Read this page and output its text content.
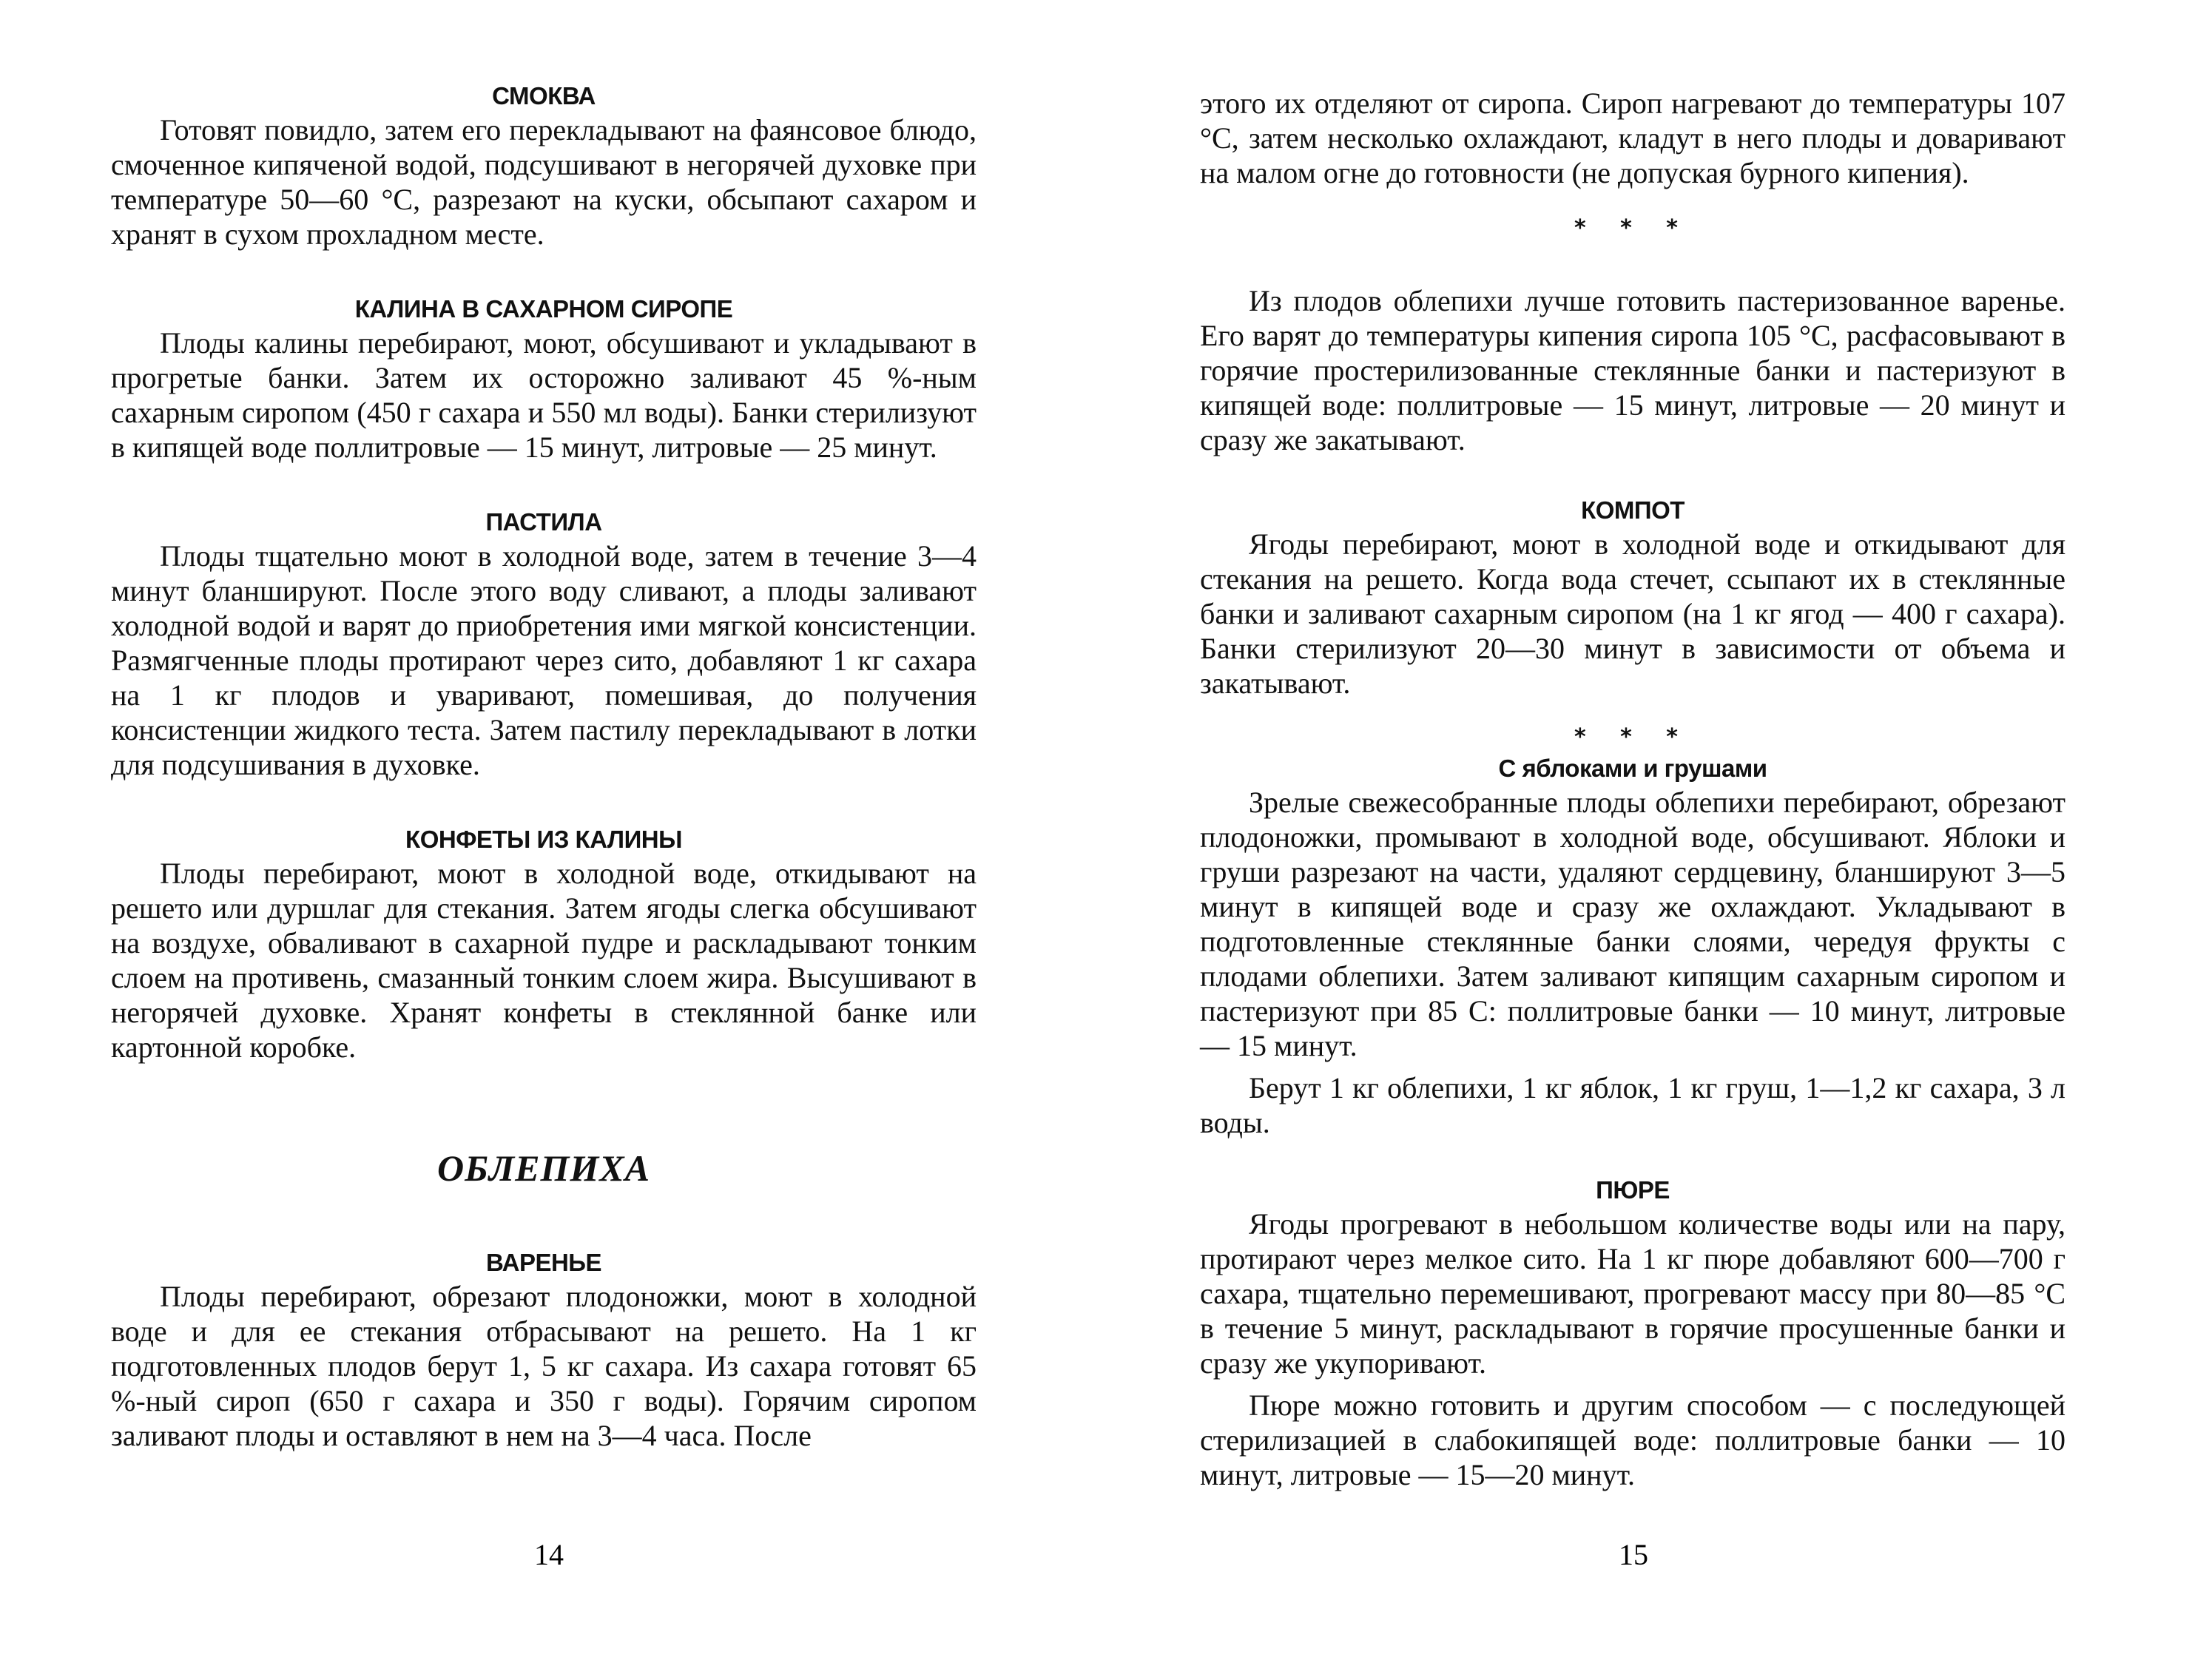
СМОКВА

Готовят повидло, затем его перекладывают на фаянсовое блюдо, смоченное кипяченой водой, подсушивают в негорячей духовке при температуре 50—60 °С, разрезают на куски, обсыпают сахаром и хранят в сухом прохладном месте.

КАЛИНА В САХАРНОМ СИРОПЕ

Плоды калины перебирают, моют, обсушивают и укладывают в прогретые банки. Затем их осторожно заливают 45 %-ным сахарным сиропом (450 г сахара и 550 мл воды). Банки стерилизуют в кипящей воде поллитровые — 15 минут, литровые — 25 минут.

ПАСТИЛА

Плоды тщательно моют в холодной воде, затем в течение 3—4 минут бланшируют. После этого воду сливают, а плоды заливают холодной водой и варят до приобретения ими мягкой консистенции. Размягченные плоды протирают через сито, добавляют 1 кг сахара на 1 кг плодов и уваривают, помешивая, до получения консистенции жидкого теста. Затем пастилу перекладывают в лотки для подсушивания в духовке.

КОНФЕТЫ ИЗ КАЛИНЫ

Плоды перебирают, моют в холодной воде, откидывают на решето или дуршлаг для стекания. Затем ягоды слегка обсушивают на воздухе, обваливают в сахарной пудре и раскладывают тонким слоем на противень, смазанный тонким слоем жира. Высушивают в негорячей духовке. Хранят конфеты в стеклянной банке или картонной коробке.

ОБЛЕПИХА
ВАРЕНЬЕ

Плоды перебирают, обрезают плодоножки, моют в холодной воде и для ее стекания отбрасывают на решето. На 1 кг подготовленных плодов берут 1, 5 кг сахара. Из сахара готовят 65 %-ный сироп (650 г сахара и 350 г воды). Горячим сиропом заливают плоды и оставляют в нем на 3—4 часа. После

14

этого их отделяют от сиропа. Сироп нагревают до температуры 107 °С, затем несколько охлаждают, кладут в него плоды и доваривают на малом огне до готовности (не допуская бурного кипения).

* * *

Из плодов облепихи лучше готовить пастеризованное варенье. Его варят до температуры кипения сиропа 105 °С, расфасовывают в горячие простерилизованные стеклянные банки и пастеризуют в кипящей воде: поллитровые — 15 минут, литровые — 20 минут и сразу же закатывают.

КОМПОТ

Ягоды перебирают, моют в холодной воде и откидывают для стекания на решето. Когда вода стечет, ссыпают их в стеклянные банки и заливают сахарным сиропом (на 1 кг ягод — 400 г сахара). Банки стерилизуют 20—30 минут в зависимости от объема и закатывают.

* * *
С яблоками и грушами

Зрелые свежесобранные плоды облепихи перебирают, обрезают плодоножки, промывают в холодной воде, обсушивают. Яблоки и груши разрезают на части, удаляют сердцевину, бланшируют 3—5 минут в кипящей воде и сразу же охлаждают. Укладывают в подготовленные стеклянные банки слоями, чередуя фрукты с плодами облепихи. Затем заливают кипящим сахарным сиропом и пастеризуют при 85 С: поллитровые банки — 10 минут, литровые — 15 минут.

Берут 1 кг облепихи, 1 кг яблок, 1 кг груш, 1—1,2 кг сахара, 3 л воды.

ПЮРЕ

Ягоды прогревают в небольшом количестве воды или на пару, протирают через мелкое сито. На 1 кг пюре добавляют 600—700 г сахара, тщательно перемешивают, прогревают массу при 80—85 °С в течение 5 минут, раскладывают в горячие просушенные банки и сразу же укупоривают.

Пюре можно готовить и другим способом — с последующей стерилизацией в слабокипящей воде: поллитровые банки — 10 минут, литровые — 15—20 минут.

15
